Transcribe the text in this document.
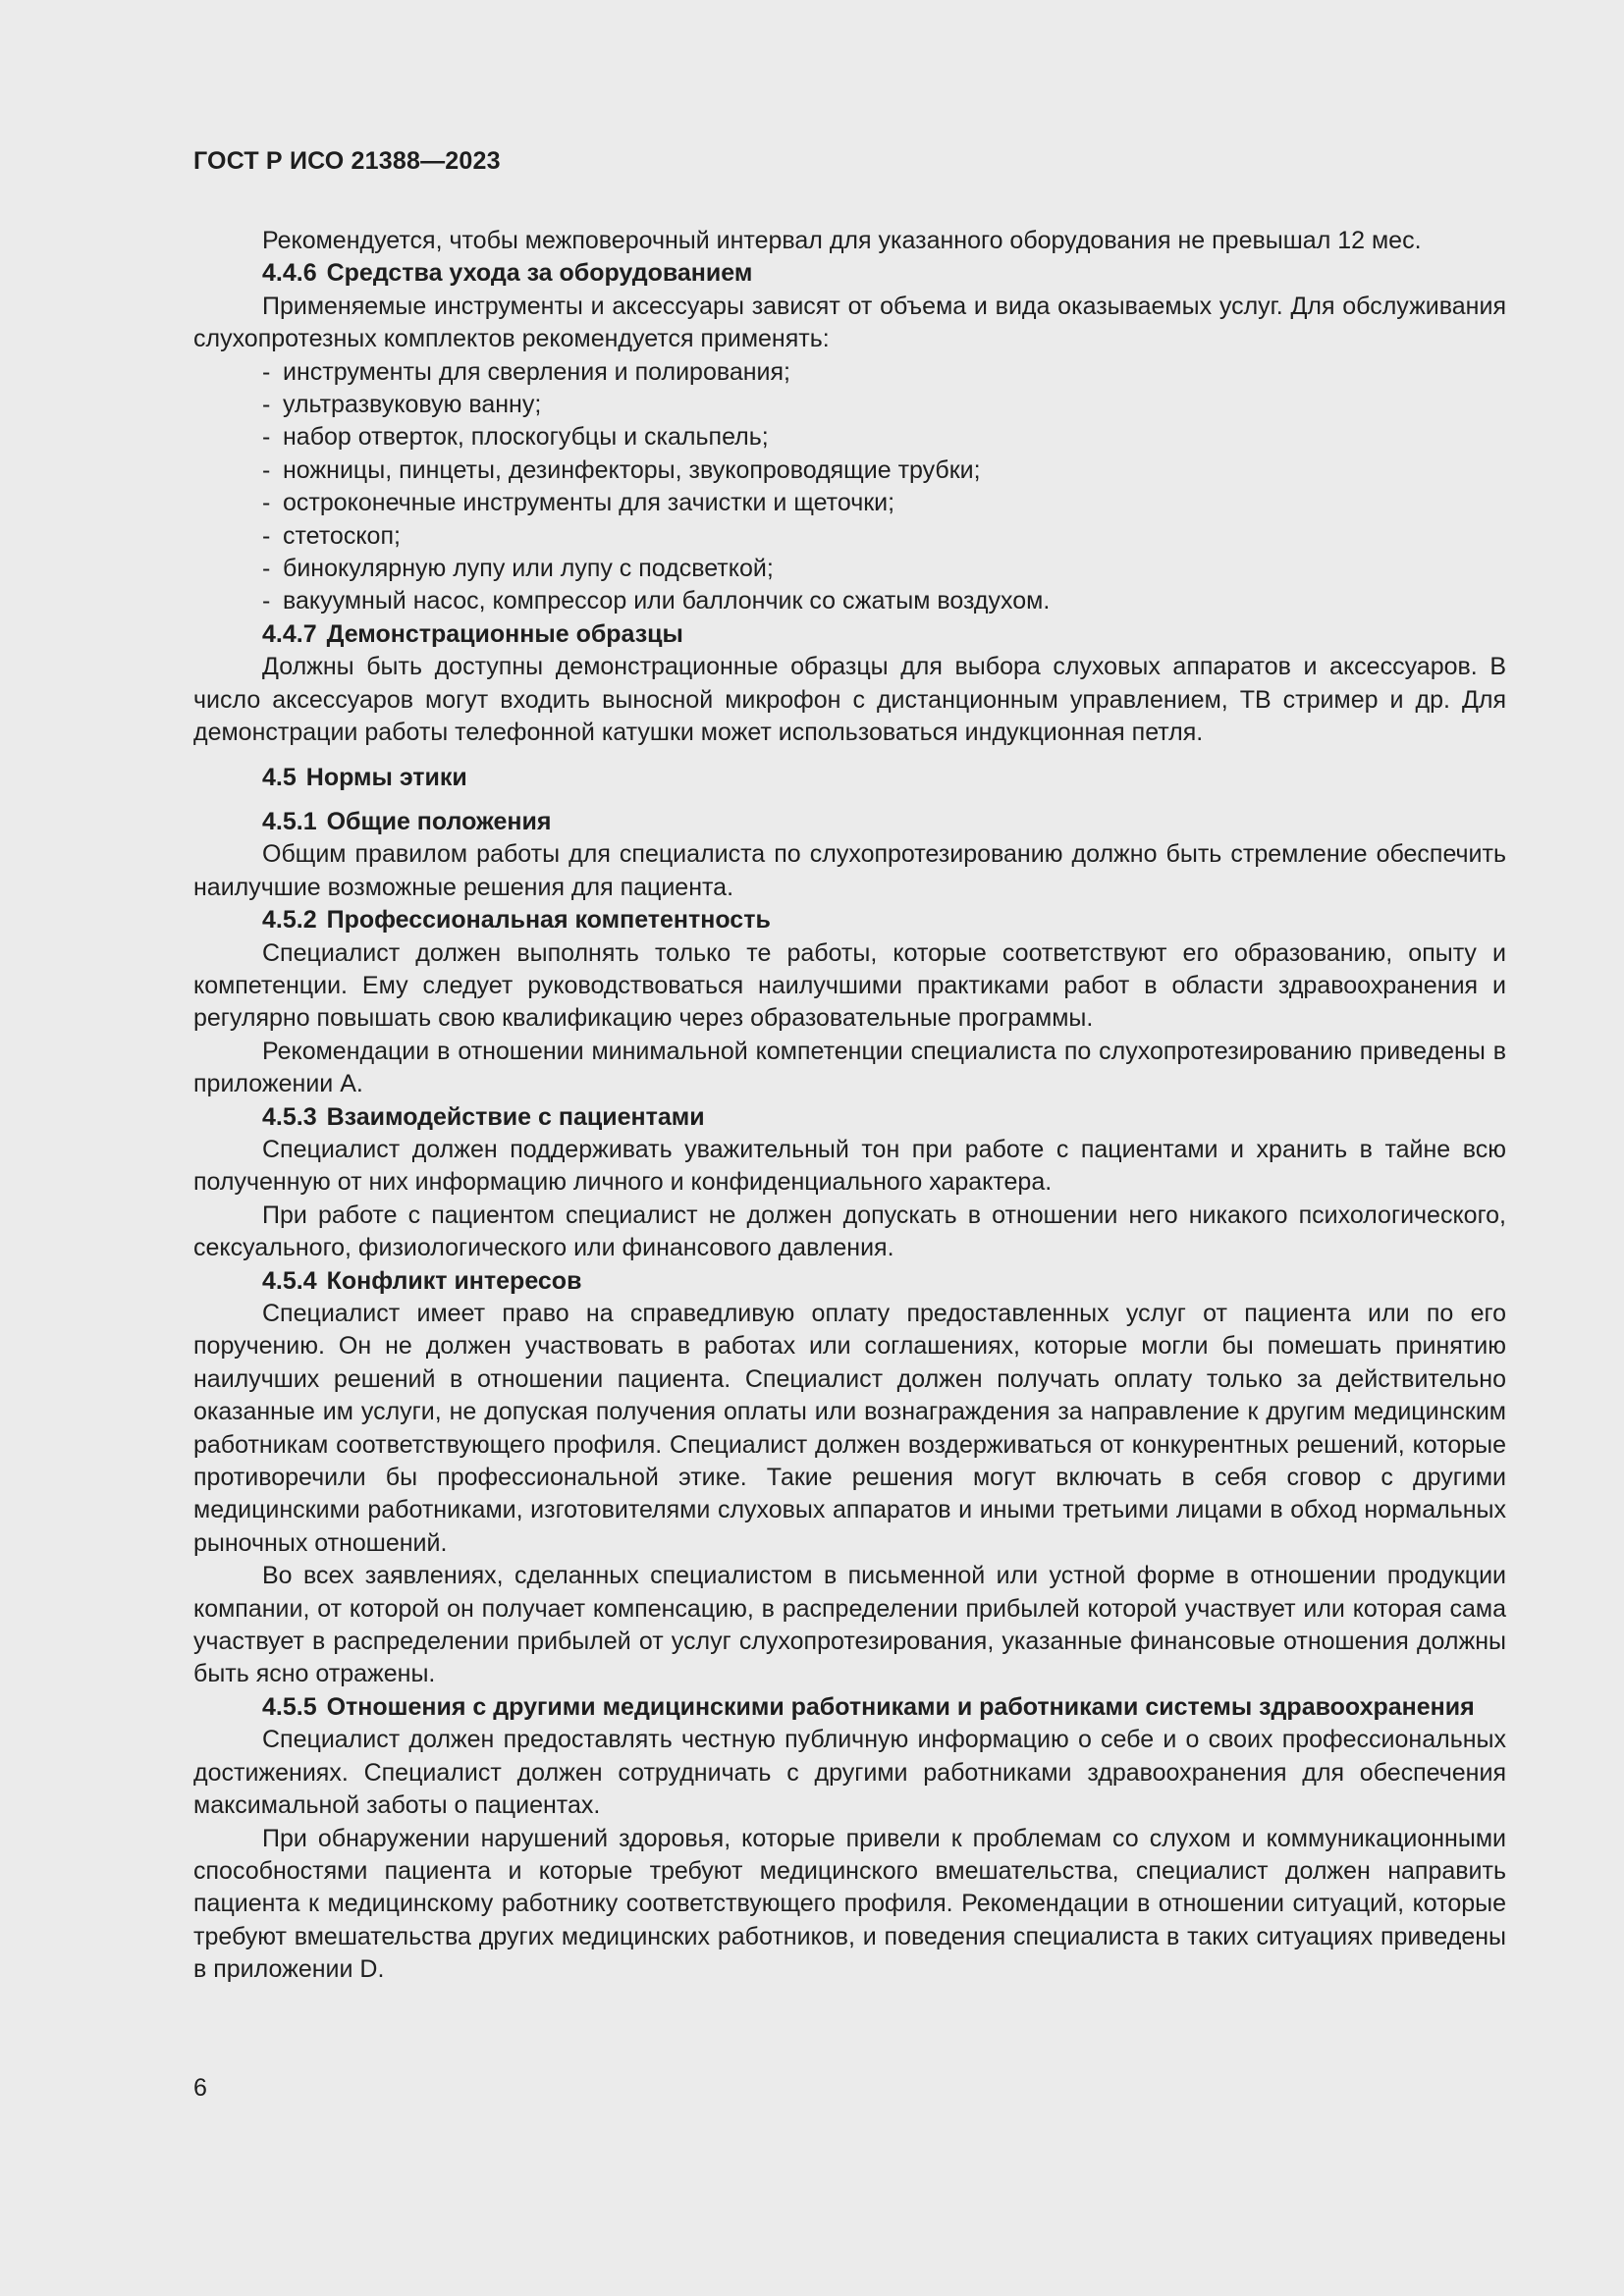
ГОСТ Р ИСО 21388—2023

Рекомендуется, чтобы межповерочный интервал для указанного оборудования не превышал 12 мес.

4.4.6 Средства ухода за оборудованием

Применяемые инструменты и аксессуары зависят от объема и вида оказываемых услуг. Для обслуживания слухопротезных комплектов рекомендуется применять:

- инструменты для сверления и полирования;
- ультразвуковую ванну;
- набор отверток, плоскогубцы и скальпель;
- ножницы, пинцеты, дезинфекторы, звукопроводящие трубки;
- остроконечные инструменты для зачистки и щеточки;
- стетоскоп;
- бинокулярную лупу или лупу с подсветкой;
- вакуумный насос, компрессор или баллончик со сжатым воздухом.
4.4.7 Демонстрационные образцы

Должны быть доступны демонстрационные образцы для выбора слуховых аппаратов и аксессуаров. В число аксессуаров могут входить выносной микрофон с дистанционным управлением, ТВ стример и др. Для демонстрации работы телефонной катушки может использоваться индукционная петля.

4.5 Нормы этики
4.5.1 Общие положения

Общим правилом работы для специалиста по слухопротезированию должно быть стремление обеспечить наилучшие возможные решения для пациента.

4.5.2 Профессиональная компетентность

Специалист должен выполнять только те работы, которые соответствуют его образованию, опыту и компетенции. Ему следует руководствоваться наилучшими практиками работ в области здравоохранения и регулярно повышать свою квалификацию через образовательные программы.

Рекомендации в отношении минимальной компетенции специалиста по слухопротезированию приведены в приложении А.

4.5.3 Взаимодействие с пациентами

Специалист должен поддерживать уважительный тон при работе с пациентами и хранить в тайне всю полученную от них информацию личного и конфиденциального характера.

При работе с пациентом специалист не должен допускать в отношении него никакого психологического, сексуального, физиологического или финансового давления.

4.5.4 Конфликт интересов

Специалист имеет право на справедливую оплату предоставленных услуг от пациента или по его поручению. Он не должен участвовать в работах или соглашениях, которые могли бы помешать принятию наилучших решений в отношении пациента. Специалист должен получать оплату только за действительно оказанные им услуги, не допуская получения оплаты или вознаграждения за направление к другим медицинским работникам соответствующего профиля. Специалист должен воздерживаться от конкурентных решений, которые противоречили бы профессиональной этике. Такие решения могут включать в себя сговор с другими медицинскими работниками, изготовителями слуховых аппаратов и иными третьими лицами в обход нормальных рыночных отношений.

Во всех заявлениях, сделанных специалистом в письменной или устной форме в отношении продукции компании, от которой он получает компенсацию, в распределении прибылей которой участвует или которая сама участвует в распределении прибылей от услуг слухопротезирования, указанные финансовые отношения должны быть ясно отражены.

4.5.5 Отношения с другими медицинскими работниками и работниками системы здравоохранения

Специалист должен предоставлять честную публичную информацию о себе и о своих профессиональных достижениях. Специалист должен сотрудничать с другими работниками здравоохранения для обеспечения максимальной заботы о пациентах.

При обнаружении нарушений здоровья, которые привели к проблемам со слухом и коммуникационными способностями пациента и которые требуют медицинского вмешательства, специалист должен направить пациента к медицинскому работнику соответствующего профиля. Рекомендации в отношении ситуаций, которые требуют вмешательства других медицинских работников, и поведения специалиста в таких ситуациях приведены в приложении D.

6
